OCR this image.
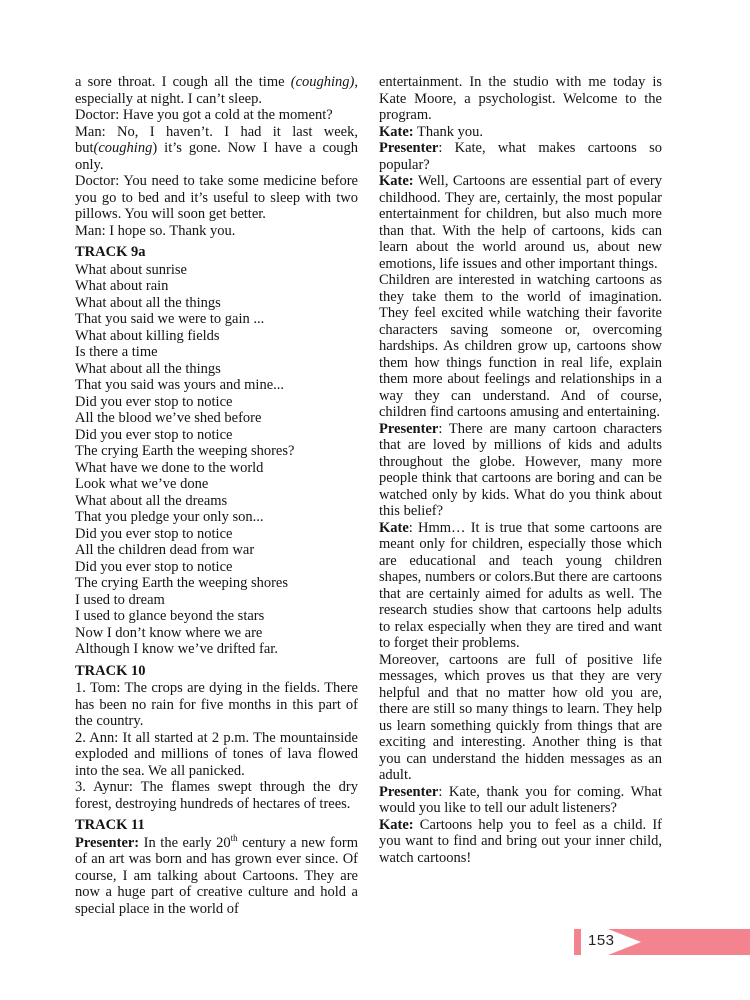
a sore throat. I cough all the time (coughing), especially at night. I can’t sleep.
Doctor: Have you got a cold at the moment?
Man: No, I haven’t. I had it last week, but(coughing) it’s gone. Now I have a cough only.
Doctor: You need to take some medicine before you go to bed and it’s useful to sleep with two pillows. You will soon get better.
Man: I hope so. Thank you.
TRACK 9a
What about sunrise
What about rain
What about all the things
That you said we were to gain ...
What about killing fields
Is there a time
What about all the things
That you said was yours and mine...
Did you ever stop to notice
All the blood we’ve shed before
Did you ever stop to notice
The crying Earth the weeping shores?
What have we done to the world
Look what we’ve done
What about all the dreams
That you pledge your only son...
Did you ever stop to notice
All the children dead from war
Did you ever stop to notice
The crying Earth the weeping shores
I used to dream
I used to glance beyond the stars
Now I don’t know where we are
Although I know we’ve drifted far.
TRACK 10
1. Tom: The crops are dying in the fields. There has been no rain for five months in this part of the country.
2. Ann: It all started at 2 p.m. The mountainside exploded and millions of tones of lava flowed into the sea. We all panicked.
3. Aynur: The flames swept through the dry forest, destroying hundreds of hectares of trees.
TRACK 11
Presenter: In the early 20th century a new form of an art was born and has grown ever since. Of course, I am talking about Cartoons. They are now a huge part of creative culture and hold a special place in the world of
entertainment. In the studio with me today is Kate Moore, a psychologist. Welcome to the program.
Kate: Thank you.
Presenter: Kate, what makes cartoons so popular?
Kate: Well, Cartoons are essential part of every childhood. They are, certainly, the most popular entertainment for children, but also much more than that. With the help of cartoons, kids can learn about the world around us, about new emotions, life issues and other important things.
Children are interested in watching cartoons as they take them to the world of imagination. They feel excited while watching their favorite characters saving someone or, overcoming hardships. As children grow up, cartoons show them how things function in real life, explain them more about feelings and relationships in a way they can understand. And of course, children find cartoons amusing and entertaining.
Presenter: There are many cartoon characters that are loved by millions of kids and adults throughout the globe. However, many more people think that cartoons are boring and can be watched only by kids. What do you think about this belief?
Kate: Hmm… It is true that some cartoons are meant only for children, especially those which are educational and teach young children shapes, numbers or colors.But there are cartoons that are certainly aimed for adults as well. The research studies show that cartoons help adults to relax especially when they are tired and want to forget their problems.
Moreover, cartoons are full of positive life messages, which proves us that they are very helpful and that no matter how old you are, there are still so many things to learn. They help us learn something quickly from things that are exciting and interesting. Another thing is that you can understand the hidden messages as an adult.
Presenter: Kate, thank you for coming. What would you like to tell our adult listeners?
Kate: Cartoons help you to feel as a child. If you want to find and bring out your inner child, watch cartoons!
153
